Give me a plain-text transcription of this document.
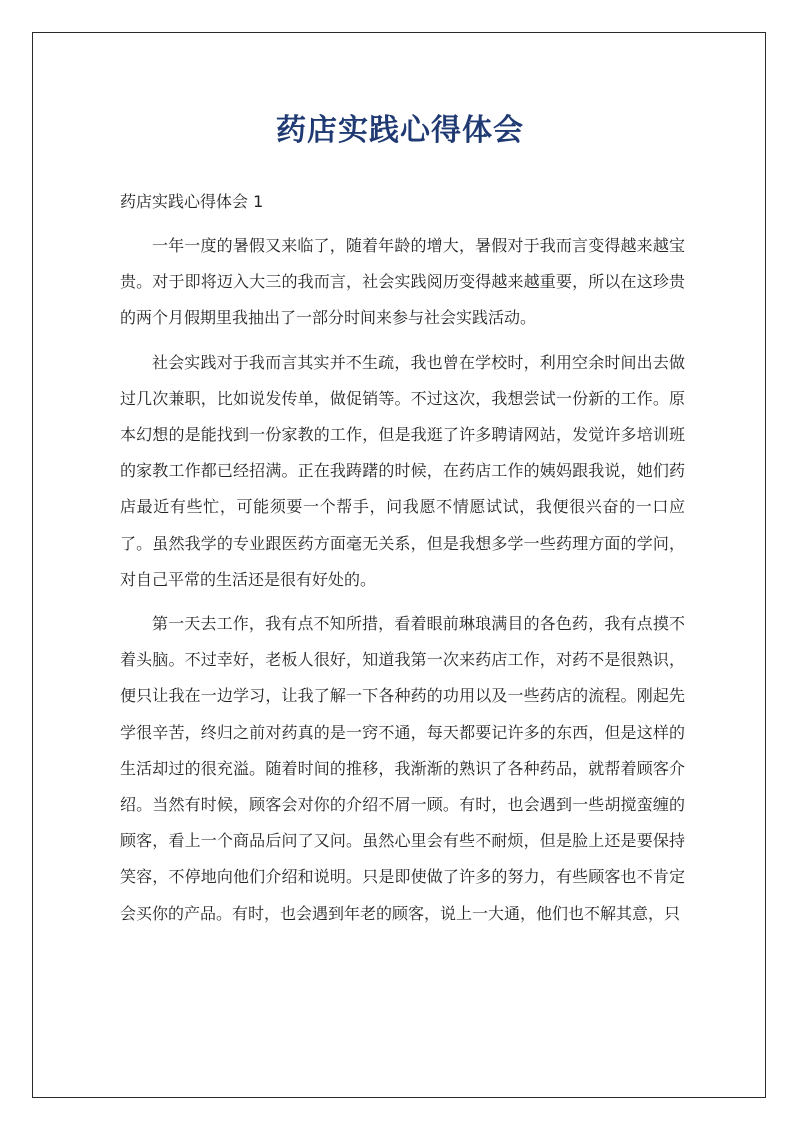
药店实践心得体会

药店实践心得体会 1

一年一度的暑假又来临了，随着年龄的增大，暑假对于我而言变得越来越宝贵。对于即将迈入大三的我而言，社会实践阅历变得越来越重要，所以在这珍贵的两个月假期里我抽出了一部分时间来参与社会实践活动。

社会实践对于我而言其实并不生疏，我也曾在学校时，利用空余时间出去做过几次兼职，比如说发传单，做促销等。不过这次，我想尝试一份新的工作。原本幻想的是能找到一份家教的工作，但是我逛了许多聘请网站，发觉许多培训班的家教工作都已经招满。正在我踌躇的时候，在药店工作的姨妈跟我说，她们药店最近有些忙，可能须要一个帮手，问我愿不情愿试试，我便很兴奋的一口应了。虽然我学的专业跟医药方面毫无关系，但是我想多学一些药理方面的学问，对自己平常的生活还是很有好处的。

第一天去工作，我有点不知所措，看着眼前琳琅满目的各色药，我有点摸不着头脑。不过幸好，老板人很好，知道我第一次来药店工作，对药不是很熟识，便只让我在一边学习，让我了解一下各种药的功用以及一些药店的流程。刚起先学很辛苦，终归之前对药真的是一窍不通，每天都要记许多的东西，但是这样的生活却过的很充溢。随着时间的推移，我渐渐的熟识了各种药品，就帮着顾客介绍。当然有时候，顾客会对你的介绍不屑一顾。有时，也会遇到一些胡搅蛮缠的顾客，看上一个商品后问了又问。虽然心里会有些不耐烦，但是脸上还是要保持笑容，不停地向他们介绍和说明。只是即使做了许多的努力，有些顾客也不肯定会买你的产品。有时，也会遇到年老的顾客，说上一大通，他们也不解其意，只
